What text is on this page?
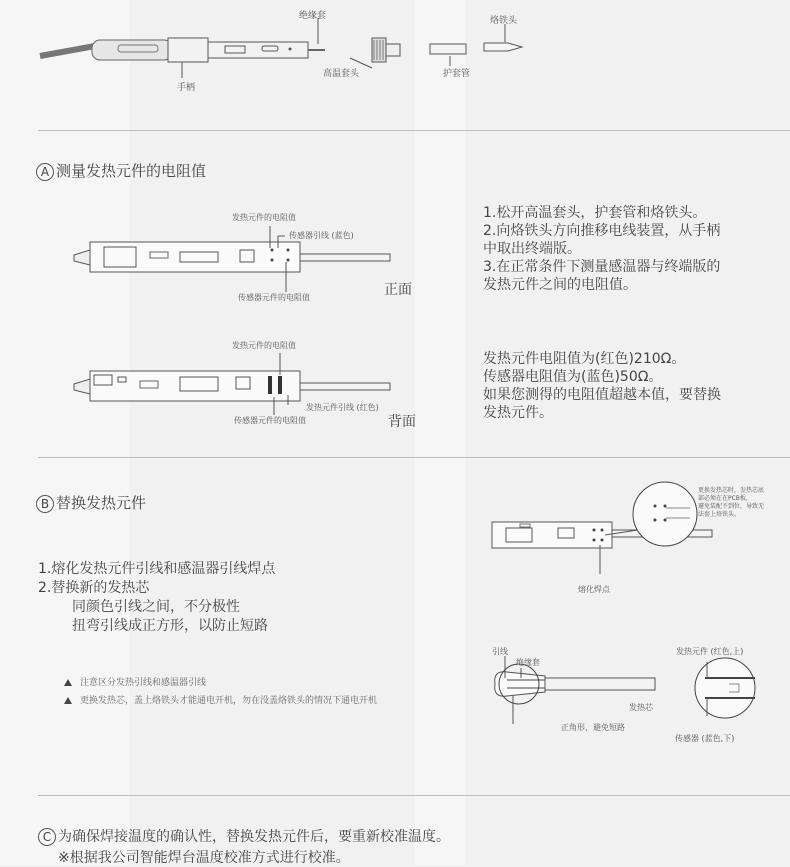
绝缘套	烙铁头
手柄
高温套头	护套管
A 测量发热元件的电阻值
发热元件的电阻值
传感器引线 (蓝色)
传感器元件的电阻值	正面
发热元件的电阻值
发热元件引线 (红色)
传感器元件的电阻值	背面
1.松开高温套头，护套管和烙铁头。
2.向烙铁头方向推移电线装置，从手柄
中取出终端版。
3.在正常条件下测量感温器与终端版的
发热元件之间的电阻值。
发热元件电阻值为(红色)210Ω。
传感器电阻值为(蓝色)50Ω。
如果您测得的电阻值超越本值，要替换
发热元件。
B 替换发热元件
1.熔化发热元件引线和感温器引线焊点
2.替换新的发热芯
同颜色引线之间，不分极性
扭弯引线成正方形，以防止短路
注意区分发热引线和感温器引线
更换发热芯，盖上烙铁头才能通电开机，勿在没盖烙铁头的情况下通电开机
更换发热芯时，发热芯底
部必须在在PCB板，
避免装配不到位，导致无
法套上烙铁头。
熔化焊点
引线
绝缘套
发热芯
正角形，避免短路
发热元件 (红色,上)
传感器 (蓝色,下)
C 为确保焊接温度的确认性，替换发热元件后，要重新校准温度。
※根据我公司智能焊台温度校准方式进行校准。
